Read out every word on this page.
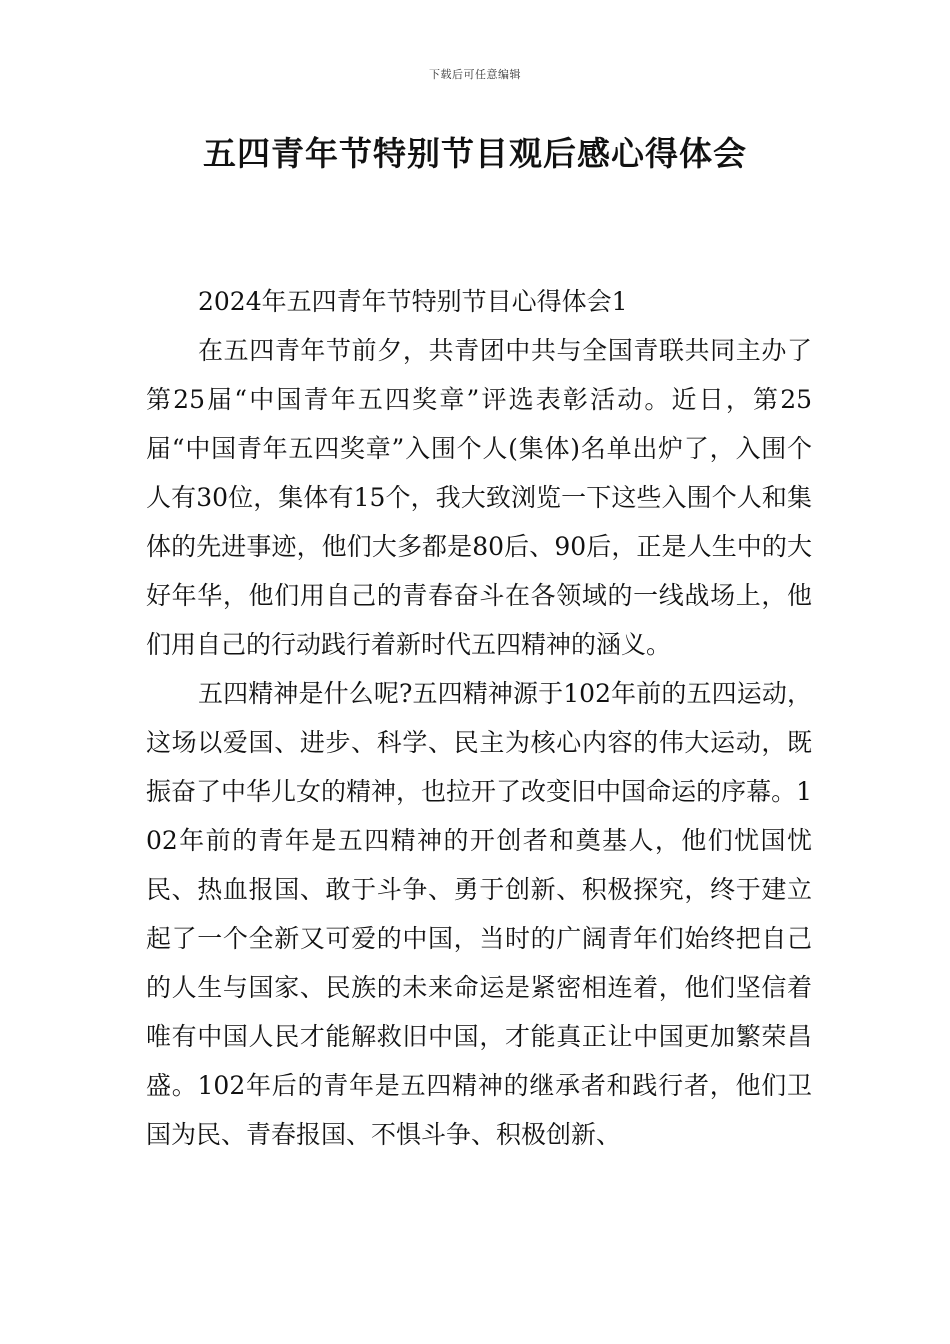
下载后可任意编辑
五四青年节特别节目观后感心得体会

2024年五四青年节特别节目心得体会1

在五四青年节前夕，共青团中共与全国青联共同主办了第25届“中国青年五四奖章”评选表彰活动。近日，第25届“中国青年五四奖章”入围个人(集体)名单出炉了，入围个人有30位，集体有15个，我大致浏览一下这些入围个人和集体的先进事迹，他们大多都是80后、90后，正是人生中的大好年华，他们用自己的青春奋斗在各领域的一线战场上，他们用自己的行动践行着新时代五四精神的涵义。

五四精神是什么呢?五四精神源于102年前的五四运动，这场以爱国、进步、科学、民主为核心内容的伟大运动，既振奋了中华儿女的精神，也拉开了改变旧中国命运的序幕。102年前的青年是五四精神的开创者和奠基人，他们忧国忧民、热血报国、敢于斗争、勇于创新、积极探究，终于建立起了一个全新又可爱的中国，当时的广阔青年们始终把自己的人生与国家、民族的未来命运是紧密相连着，他们坚信着唯有中国人民才能解救旧中国，才能真正让中国更加繁荣昌盛。102年后的青年是五四精神的继承者和践行者，他们卫国为民、青春报国、不惧斗争、积极创新、
